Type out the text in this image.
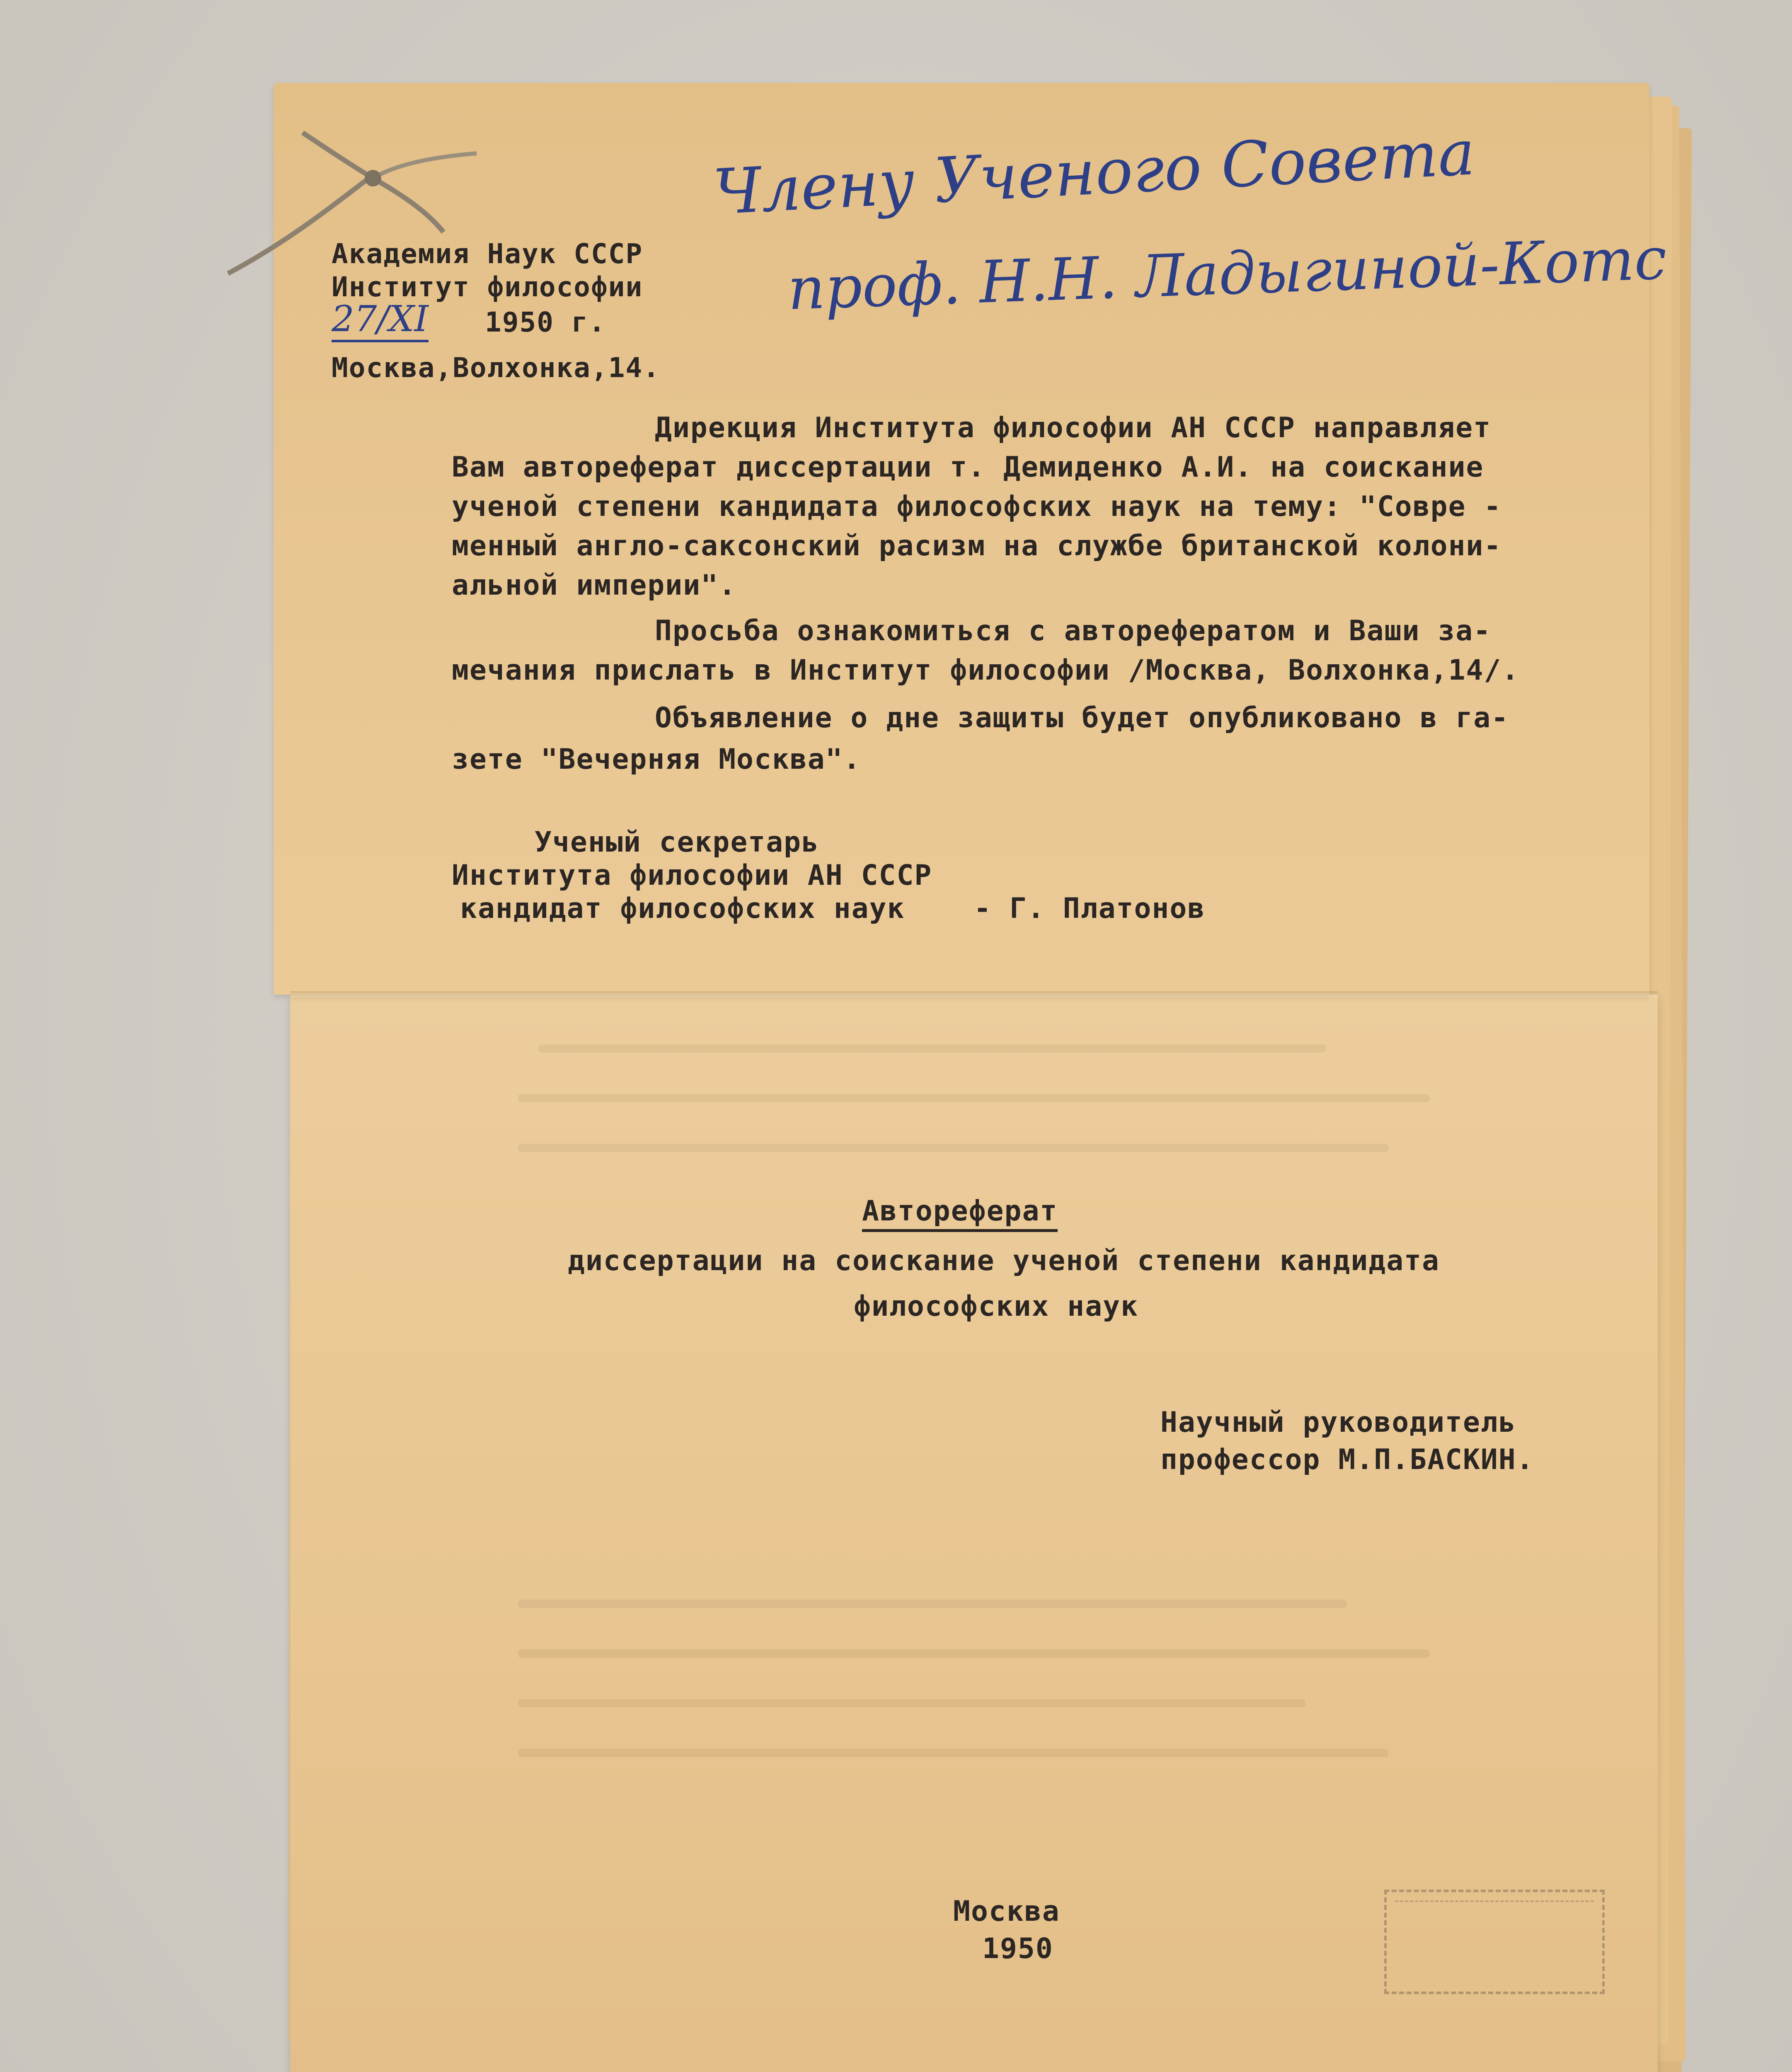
Академия Наук СССР
Институт философии
27/XI 1950 г.
Москва,Волхонка,14.
Члену Ученого Совета
проф. Н.Н. Ладыгиной-Котс
Дирекция Института философии АН СССР направляет
Вам автореферат диссертации т. Демиденко А.И. на соискание
ученой степени кандидата философских наук на тему: "Совре -
менный англо-саксонский расизм на службе британской колони-
альной империи".
Просьба ознакомиться с авторефератом и Ваши за-
мечания прислать в Институт философии /Москва, Волхонка,14/.
Объявление о дне защиты будет опубликовано в га-
зете "Вечерняя Москва".
Ученый секретарь
Института философии АН СССР
кандидат философских наук - Г. Платонов
Автореферат
диссертации на соискание ученой степени кандидата
философских наук
Научный руководитель
профессор М.П.БАСКИН.
Москва
1950
